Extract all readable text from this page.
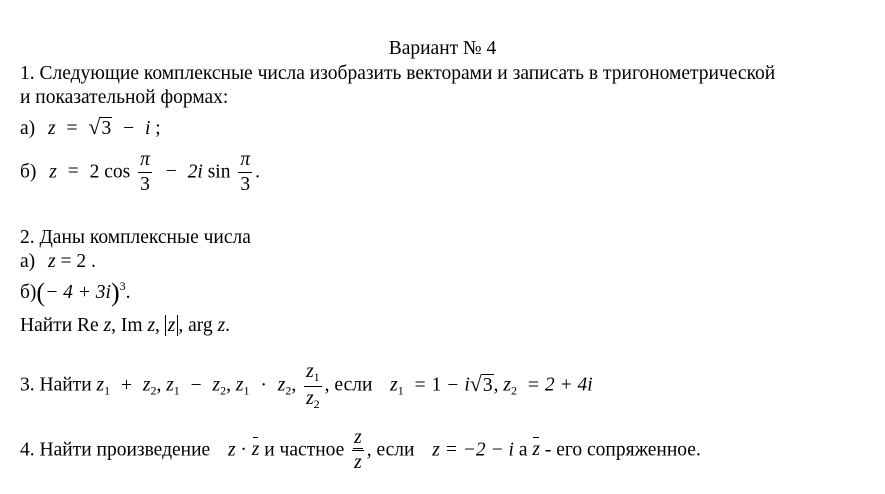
Вариант № 4
1. Следующие комплексные числа изобразить векторами и записать в тригонометрической
и показательной формах:
а) z = √3 − i ;
б) z = 2 $\cos \frac{\pi}{3} - 2i$ $\sin \frac{\pi}{3}$ .
2. Даны комплексные числа
а) z = 2 .
$б)(- 4 + 3i)^3$.
Найти Re z, Im z, z , arg z.
3. Найти $z_1 + z_2$, $z_1 - z_2$, $z_1 \cdot z_2$, $\frac{z_1}{z_2}$ , если $z_1 = 1 - i√3$, $z_2 = 2 + 4i$
4. Найти произведение z · z и частное $\frac{z}{z}$ , если z = −2 − i а z - его сопряженное.
